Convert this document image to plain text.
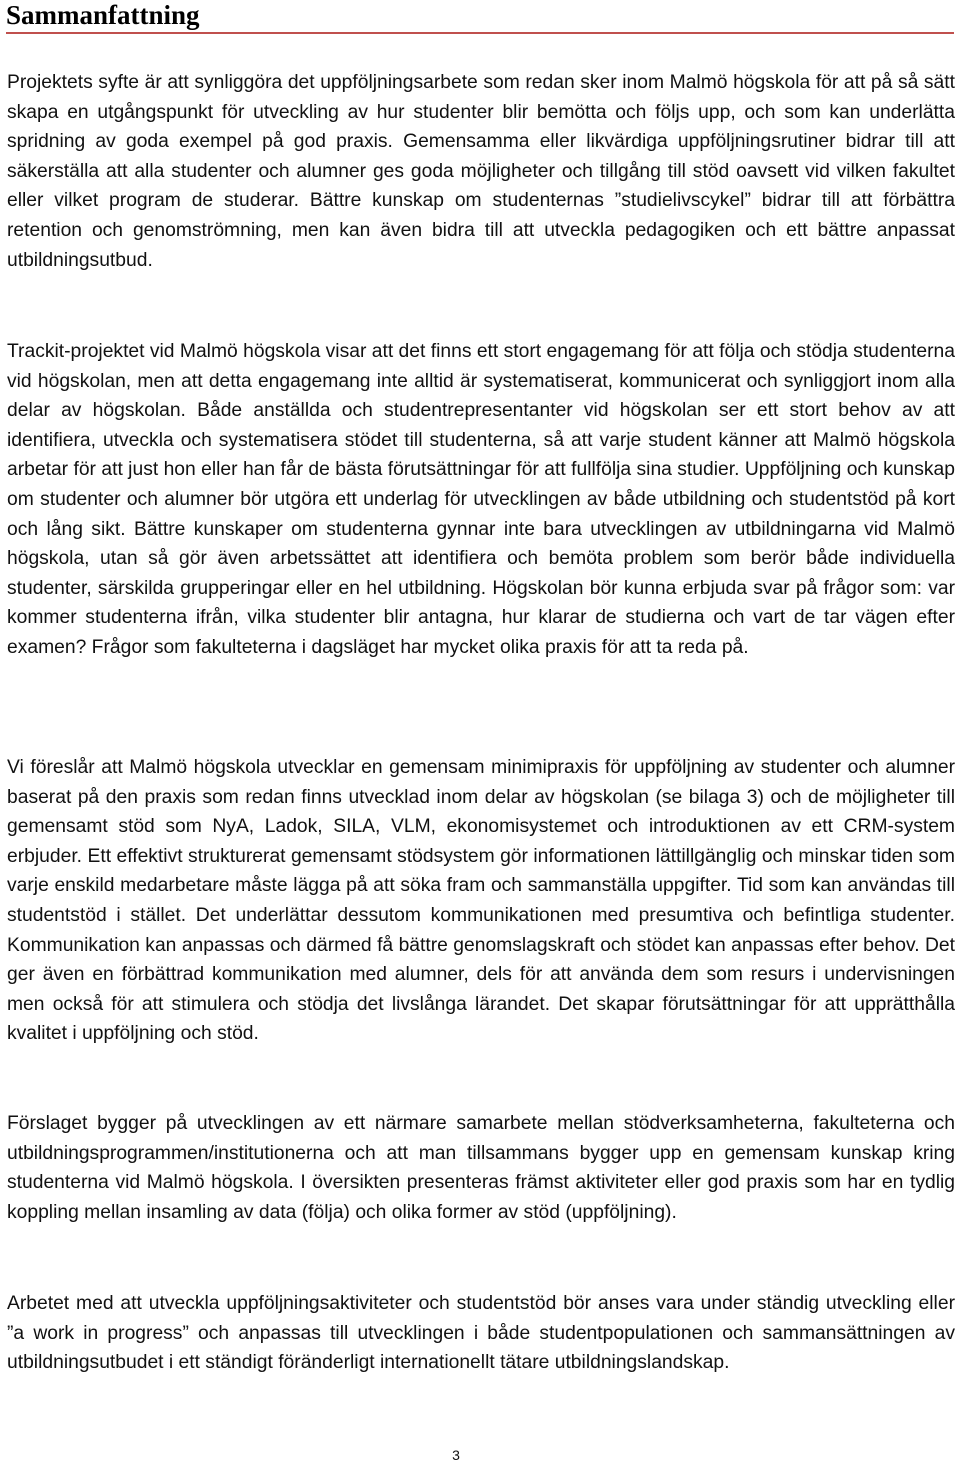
Sammanfattning

Projektets syfte är att synliggöra det uppföljningsarbete som redan sker inom Malmö högskola för att på så sätt skapa en utgångspunkt för utveckling av hur studenter blir bemötta och följs upp, och som kan underlätta spridning av goda exempel på god praxis. Gemensamma eller likvärdiga uppföljningsrutiner bidrar till att säkerställa att alla studenter och alumner ges goda möjligheter och tillgång till stöd oavsett vid vilken fakultet eller vilket program de studerar. Bättre kunskap om studenternas ”studielivscykel” bidrar till att förbättra retention och genomströmning, men kan även bidra till att utveckla pedagogiken och ett bättre anpassat utbildningsutbud.

Trackit-projektet vid Malmö högskola visar att det finns ett stort engagemang för att följa och stödja studenterna vid högskolan, men att detta engagemang inte alltid är systematiserat, kommunicerat och synliggjort inom alla delar av högskolan. Både anställda och studentrepresentanter vid högskolan ser ett stort behov av att identifiera, utveckla och systematisera stödet till studenterna, så att varje student känner att Malmö högskola arbetar för att just hon eller han får de bästa förutsättningar för att fullfölja sina studier. Uppföljning och kunskap om studenter och alumner bör utgöra ett underlag för utvecklingen av både utbildning och studentstöd på kort och lång sikt. Bättre kunskaper om studenterna gynnar inte bara utvecklingen av utbildningarna vid Malmö högskola, utan så gör även arbetssättet att identifiera och bemöta problem som berör både individuella studenter, särskilda grupperingar eller en hel utbildning. Högskolan bör kunna erbjuda svar på frågor som: var kommer studenterna ifrån, vilka studenter blir antagna, hur klarar de studierna och vart de tar vägen efter examen? Frågor som fakulteterna i dagsläget har mycket olika praxis för att ta reda på.

Vi föreslår att Malmö högskola utvecklar en gemensam minimipraxis för uppföljning av studenter och alumner baserat på den praxis som redan finns utvecklad inom delar av högskolan (se bilaga 3) och de möjligheter till gemensamt stöd som NyA, Ladok, SILA, VLM, ekonomisystemet och introduktionen av ett CRM-system erbjuder. Ett effektivt strukturerat gemensamt stödsystem gör informationen lättillgänglig och minskar tiden som varje enskild medarbetare måste lägga på att söka fram och sammanställa uppgifter. Tid som kan användas till studentstöd i stället. Det underlättar dessutom kommunikationen med presumtiva och befintliga studenter. Kommunikation kan anpassas och därmed få bättre genomslagskraft och stödet kan anpassas efter behov. Det ger även en förbättrad kommunikation med alumner, dels för att använda dem som resurs i undervisningen men också för att stimulera och stödja det livslånga lärandet. Det skapar förutsättningar för att upprätthålla kvalitet i uppföljning och stöd.

Förslaget bygger på utvecklingen av ett närmare samarbete mellan stödverksamheterna, fakulteterna och utbildningsprogrammen/institutionerna och att man tillsammans bygger upp en gemensam kunskap kring studenterna vid Malmö högskola. I översikten presenteras främst aktiviteter eller god praxis som har en tydlig koppling mellan insamling av data (följa) och olika former av stöd (uppföljning).

Arbetet med att utveckla uppföljningsaktiviteter och studentstöd bör anses vara under ständig utveckling eller ”a work in progress” och anpassas till utvecklingen i både studentpopulationen och sammansättningen av utbildningsutbudet i ett ständigt föränderligt internationellt tätare utbildningslandskap.

3
